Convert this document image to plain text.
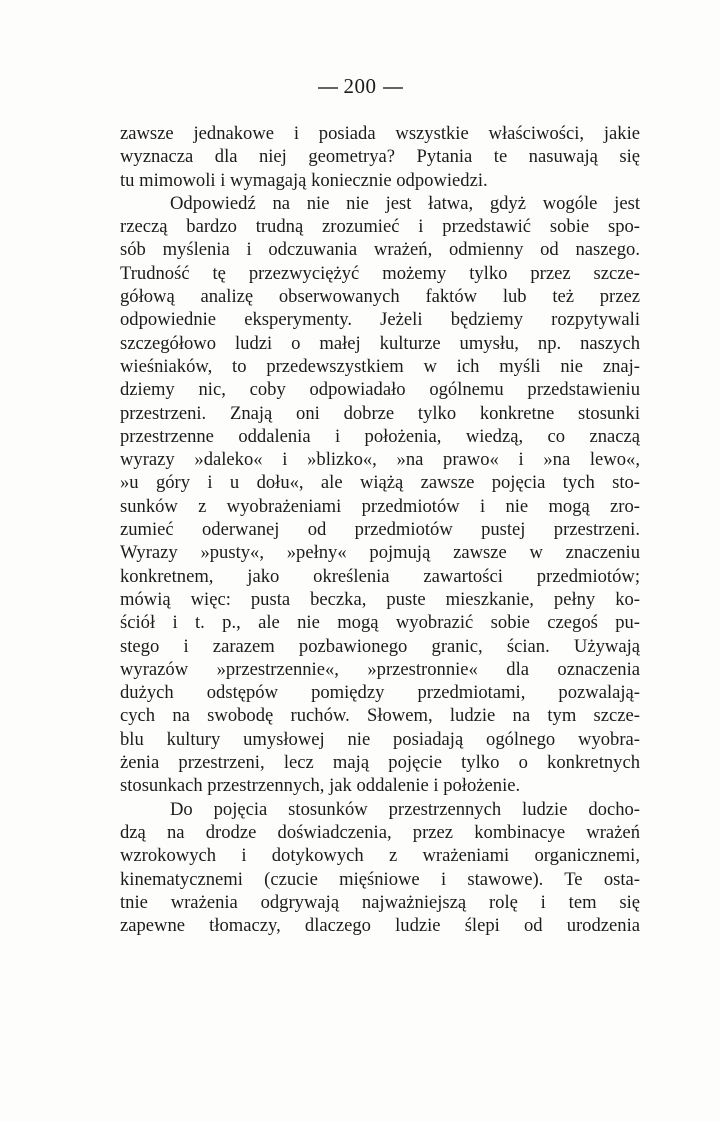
200
zawsze jednakowe i posiada wszystkie właściwości, jakie
wyznacza dla niej geometrya? Pytania te nasuwają się
tu mimowoli i wymagają koniecznie odpowiedzi.
Odpowiedź na nie nie jest łatwa, gdyż wogóle jest
rzeczą bardzo trudną zrozumieć i przedstawić sobie spo-
sób myślenia i odczuwania wrażeń, odmienny od naszego.
Trudność tę przezwyciężyć możemy tylko przez szcze-
gółową analizę obserwowanych faktów lub też przez
odpowiednie eksperymenty. Jeżeli będziemy rozpytywali
szczegółowo ludzi o małej kulturze umysłu, np. naszych
wieśniaków, to przedewszystkiem w ich myśli nie znaj-
dziemy nic, coby odpowiadało ogólnemu przedstawieniu
przestrzeni. Znają oni dobrze tylko konkretne stosunki
przestrzenne oddalenia i położenia, wiedzą, co znaczą
wyrazy »daleko« i »blizko«, »na prawo« i »na lewo«,
»u góry i u dołu«, ale wiążą zawsze pojęcia tych sto-
sunków z wyobrażeniami przedmiotów i nie mogą zro-
zumieć oderwanej od przedmiotów pustej przestrzeni.
Wyrazy »pusty«, »pełny« pojmują zawsze w znaczeniu
konkretnem, jako określenia zawartości przedmiotów;
mówią więc: pusta beczka, puste mieszkanie, pełny ko-
ściół i t. p., ale nie mogą wyobrazić sobie czegoś pu-
stego i zarazem pozbawionego granic, ścian. Używają
wyrazów »przestrzennie«, »przestronnie« dla oznaczenia
dużych odstępów pomiędzy przedmiotami, pozwalają-
cych na swobodę ruchów. Słowem, ludzie na tym szcze-
blu kultury umysłowej nie posiadają ogólnego wyobra-
żenia przestrzeni, lecz mają pojęcie tylko o konkretnych
stosunkach przestrzennych, jak oddalenie i położenie.
Do pojęcia stosunków przestrzennych ludzie docho-
dzą na drodze doświadczenia, przez kombinacye wrażeń
wzrokowych i dotykowych z wrażeniami organicznemi,
kinematycznemi (czucie mięśniowe i stawowe). Te osta-
tnie wrażenia odgrywają najważniejszą rolę i tem się
zapewne tłomaczy, dlaczego ludzie ślepi od urodzenia
